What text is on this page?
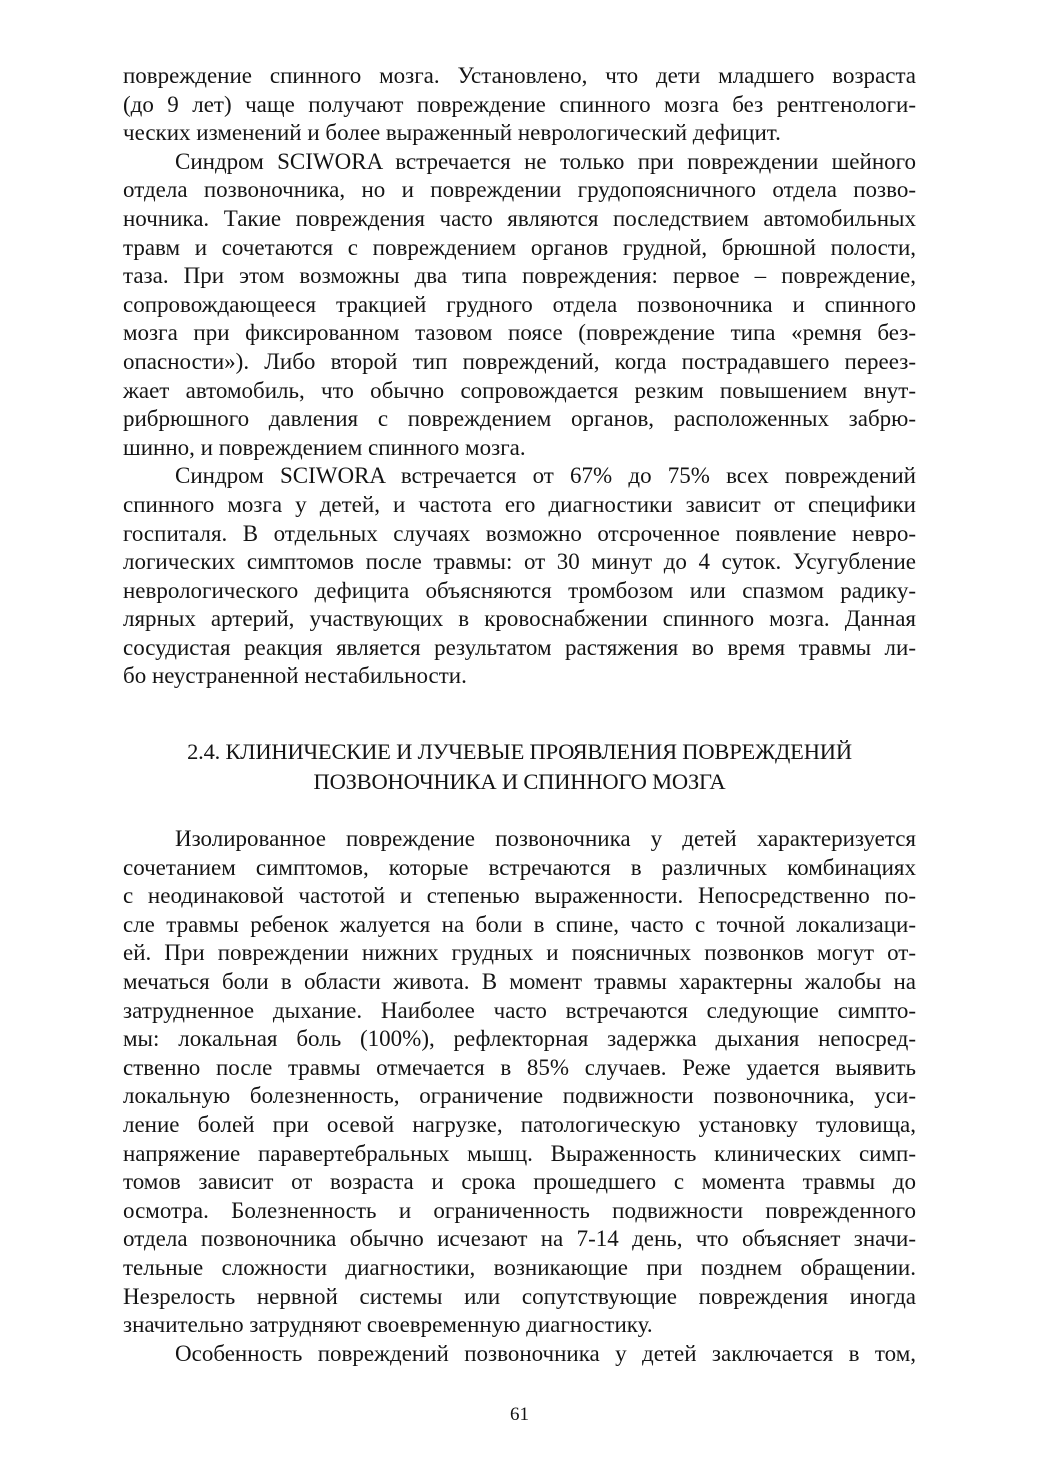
повреждение спинного мозга. Установлено, что дети младшего возраста
(до 9 лет) чаще получают повреждение спинного мозга без рентгенологи-
ческих изменений и более выраженный неврологический дефицит.
Синдром SCIWORA встречается не только при повреждении шейного
отдела позвоночника, но и повреждении грудопоясничного отдела позво-
ночника. Такие повреждения часто являются последствием автомобильных
травм и сочетаются с повреждением органов грудной, брюшной полости,
таза. При этом возможны два типа повреждения: первое – повреждение,
сопровождающееся тракцией грудного отдела позвоночника и спинного
мозга при фиксированном тазовом поясе (повреждение типа «ремня без-
опасности»). Либо второй тип повреждений, когда пострадавшего переез-
жает автомобиль, что обычно сопровождается резким повышением внут-
рибрюшного давления с повреждением органов, расположенных забрю-
шинно, и повреждением спинного мозга.
Синдром SCIWORA встречается от 67% до 75% всех повреждений
спинного мозга у детей, и частота его диагностики зависит от специфики
госпиталя. В отдельных случаях возможно отсроченное появление невро-
логических симптомов после травмы: от 30 минут до 4 суток. Усугубление
неврологического дефицита объясняются тромбозом или спазмом радику-
лярных артерий, участвующих в кровоснабжении спинного мозга. Данная
сосудистая реакция является результатом растяжения во время травмы ли-
бо неустраненной нестабильности.
2.4. КЛИНИЧЕСКИЕ И ЛУЧЕВЫЕ ПРОЯВЛЕНИЯ ПОВРЕЖДЕНИЙ
ПОЗВОНОЧНИКА И СПИННОГО МОЗГА
Изолированное повреждение позвоночника у детей характеризуется
сочетанием симптомов, которые встречаются в различных комбинациях
с неодинаковой частотой и степенью выраженности. Непосредственно по-
сле травмы ребенок жалуется на боли в спине, часто с точной локализаци-
ей. При повреждении нижних грудных и поясничных позвонков могут от-
мечаться боли в области живота. В момент травмы характерны жалобы на
затрудненное дыхание. Наиболее часто встречаются следующие симпто-
мы: локальная боль (100%), рефлекторная задержка дыхания непосред-
ственно после травмы отмечается в 85% случаев. Реже удается выявить
локальную болезненность, ограничение подвижности позвоночника, уси-
ление болей при осевой нагрузке, патологическую установку туловища,
напряжение паравертебральных мышц. Выраженность клинических симп-
томов зависит от возраста и срока прошедшего с момента травмы до
осмотра. Болезненность и ограниченность подвижности поврежденного
отдела позвоночника обычно исчезают на 7-14 день, что объясняет значи-
тельные сложности диагностики, возникающие при позднем обращении.
Незрелость нервной системы или сопутствующие повреждения иногда
значительно затрудняют своевременную диагностику.
Особенность повреждений позвоночника у детей заключается в том,
61
